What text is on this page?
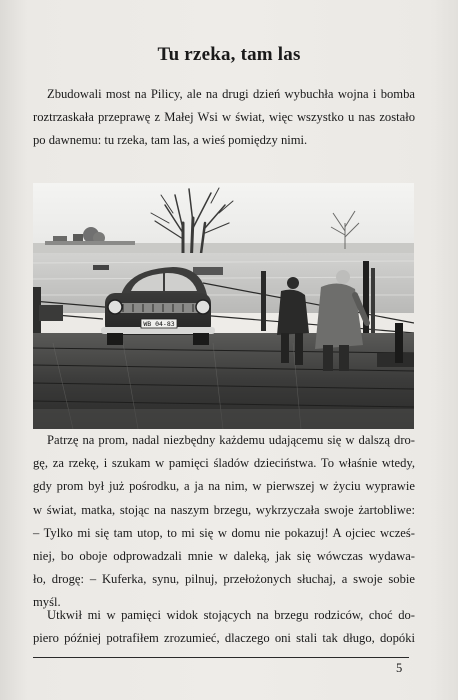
Tu rzeka, tam las

Zbudowali most na Pilicy, ale na drugi dzień wybuchła wojna i bomba
roztrzaskała przeprawę z Małej Wsi w świat, więc wszystko u nas zostało
po dawnemu: tu rzeka, tam las, a wieś pomiędzy nimi.

WB 04-83

Patrzę na prom, nadal niezbędny każdemu udającemu się w dalszą dro-
gę, za rzekę, i szukam w pamięci śladów dzieciństwa. To właśnie wtedy,
gdy prom był już pośrodku, a ja na nim, w pierwszej w życiu wyprawie
w świat, matka, stojąc na naszym brzegu, wykrzyczała swoje żartobliwe:
– Tylko mi się tam utop, to mi się w domu nie pokazuj! A ojciec wcześ-
niej, bo oboje odprowadzali mnie w daleką, jak się wówczas wydawa-
ło, drogę: – Kuferka, synu, pilnuj, przełożonych słuchaj, a swoje sobie
myśl.

Utkwił mi w pamięci widok stojących na brzegu rodziców, choć do-
piero później potrafiłem zrozumieć, dlaczego oni stali tak długo, dopóki

5
